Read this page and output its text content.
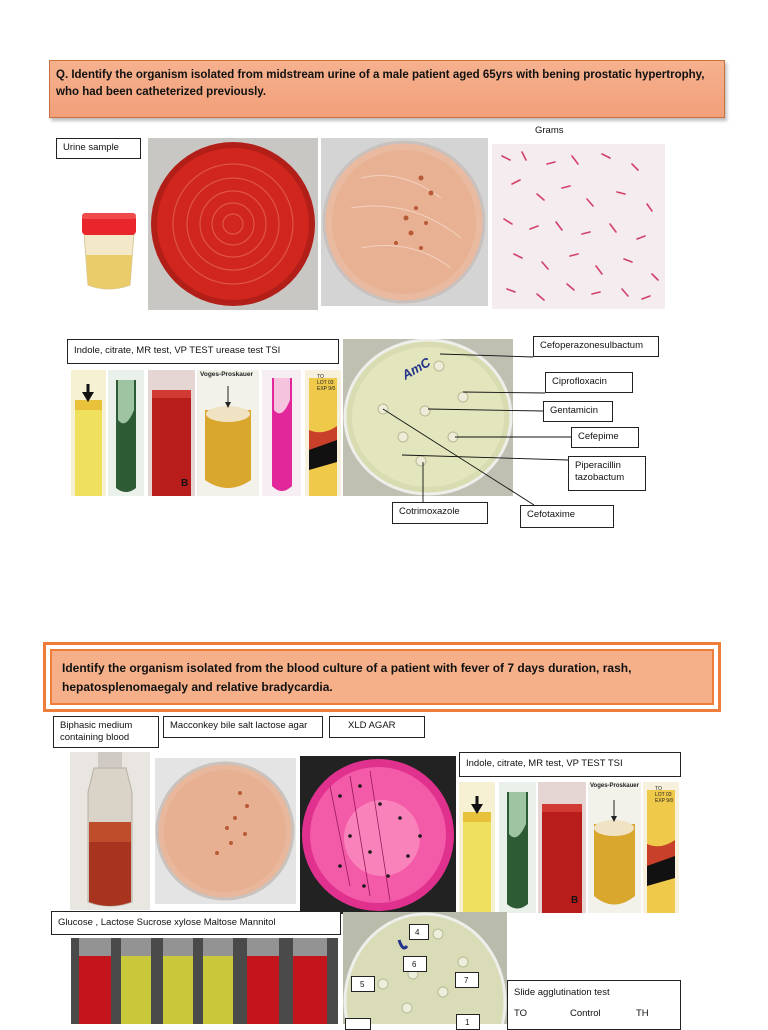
Q. Identify the organism isolated from midstream urine of a male patient aged 65yrs with bening prostatic hypertrophy, who had been catheterized previously.
Urine sample
Grams
Indole, citrate, MR test, VP TEST urease test TSI
B
Voges-Proskauer	TO
LOT 03
EXP 9/0
AmC
Cefoperazonesulbactum
Ciprofloxacin
Gentamicin
Cefepime
Piperacillin tazobactum
Cotrimoxazole	Cefotaxime
Identify the organism isolated from the blood culture of a patient with fever of 7 days duration, rash, hepatosplenomaegaly and relative bradycardia.
Biphasic medium containing blood
Macconkey bile salt lactose agar	XLD AGAR
Indole, citrate, MR test, VP TEST TSI
B
Voges-Proskauer	TO
LOT 03
EXP 9/0
Glucose , Lactose Sucrose xylose Maltose Mannitol
4
6
7
5
1
Slide agglutination test
TO	Control	TH
